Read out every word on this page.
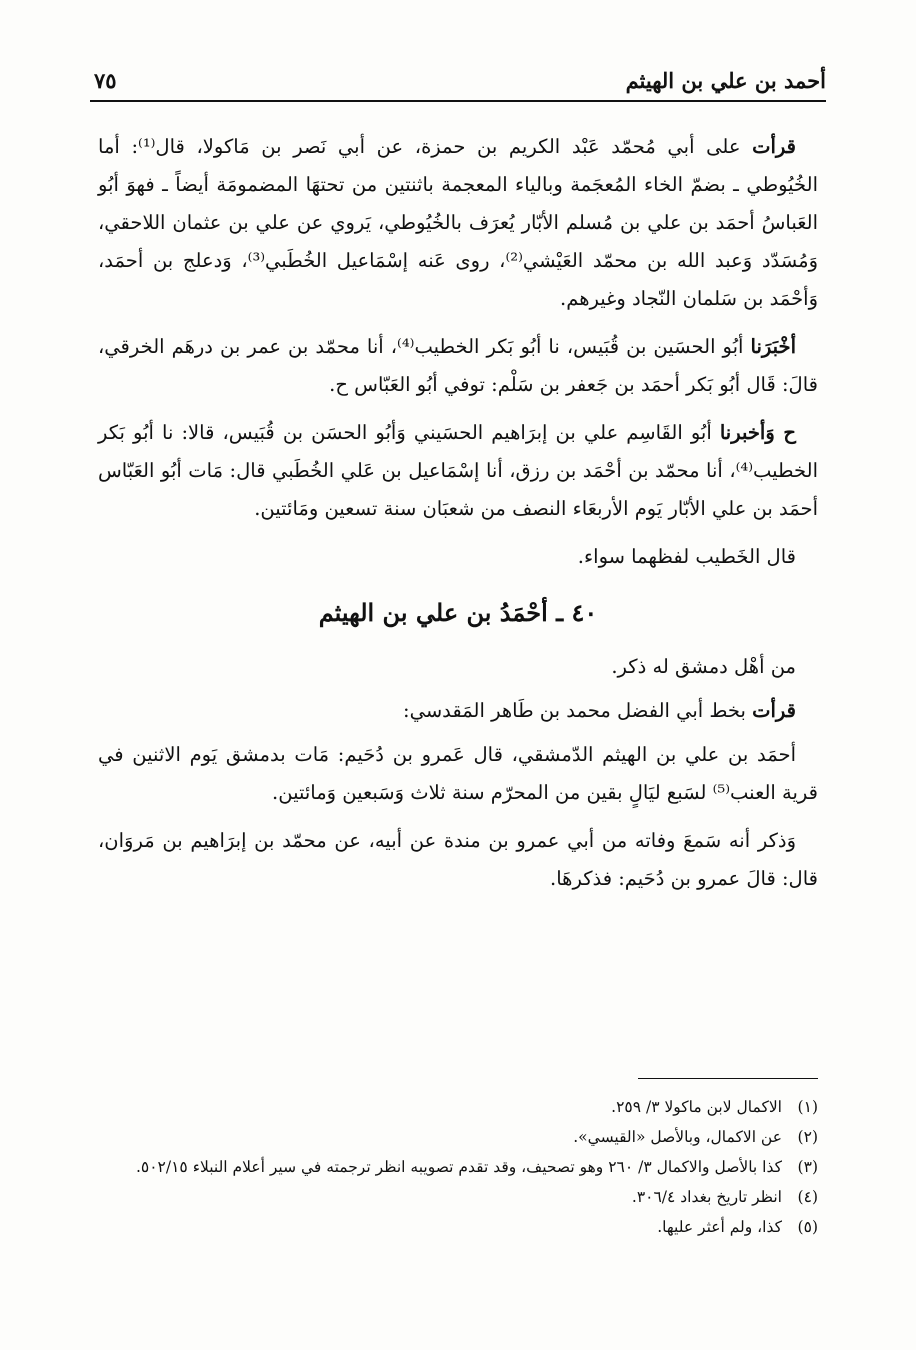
أحمد بن علي بن الهيثم
٧٥

قرأت على أبي مُحمّد عَبْد الكريم بن حمزة، عن أبي نَصر بن مَاكولا، قال⁽¹⁾: أما الخُيُوطي ـ بضمّ الخاء المُعجَمة وبالياء المعجمة باثنتين من تحتهَا المضمومَة أيضاً ـ فهوَ أبُو العَباسُ أحمَد بن علي بن مُسلم الأبّار يُعرَف بالخُيُوطي، يَروي عن علي بن عثمان اللاحقي، وَمُسَدّد وَعبد الله بن محمّد العَيْشي⁽²⁾، روى عَنه إسْمَاعيل الخُطَبي⁽³⁾، وَدعلج بن أحمَد، وَأحْمَد بن سَلمان النّجاد وغيرهم.

أخْبَرَنا أبُو الحسَين بن قُبَيس، نا أبُو بَكر الخطيب⁽⁴⁾، أنا محمّد بن عمر بن درهَم الخرقي، قالَ: قَال أبُو بَكر أحمَد بن جَعفر بن سَلْم: توفي أبُو العَبّاس ح.

ح وَأخبرنا أبُو القَاسِم علي بن إبرَاهيم الحسَيني وَأبُو الحسَن بن قُبَيس، قالا: نا أبُو بَكر الخطيب⁽⁴⁾، أنا محمّد بن أحْمَد بن رزق، أنا إسْمَاعيل بن عَلي الخُطَبي قال: مَات أبُو العَبّاس أحمَد بن علي الأبّار يَوم الأربعَاء النصف من شعبَان سنة تسعين ومَائتين.

قال الخَطيب لفظهما سواء.

٤٠ ـ أحْمَدُ بن علي بن الهيثم

من أهْل دمشق له ذكر.

قرأت بخط أبي الفضل محمد بن طَاهر المَقدسي:

أحمَد بن علي بن الهيثم الدّمشقي، قال عَمرو بن دُحَيم: مَات بدمشق يَوم الاثنين في قرية العنب⁽⁵⁾ لسَبع ليَالٍ بقين من المحرّم سنة ثلاث وَسَبعين وَمائتين.

وَذكر أنه سَمعَ وفاته من أبي عمرو بن مندة عن أبيه، عن محمّد بن إبرَاهيم بن مَروَان، قال: قالَ عمرو بن دُحَيم: فذكرهَا.

(١)
الاكمال لابن ماكولا ٣/ ٢٥٩.
(٢)
عن الاكمال، وبالأصل «القيسي».
(٣)
كذا بالأصل والاكمال ٣/ ٢٦٠ وهو تصحيف، وقد تقدم تصويبه انظر ترجمته في سير أعلام النبلاء ٥٠٢/١٥.
(٤)
انظر تاريخ بغداد ٣٠٦/٤.
(٥)
كذا، ولم أعثر عليها.
